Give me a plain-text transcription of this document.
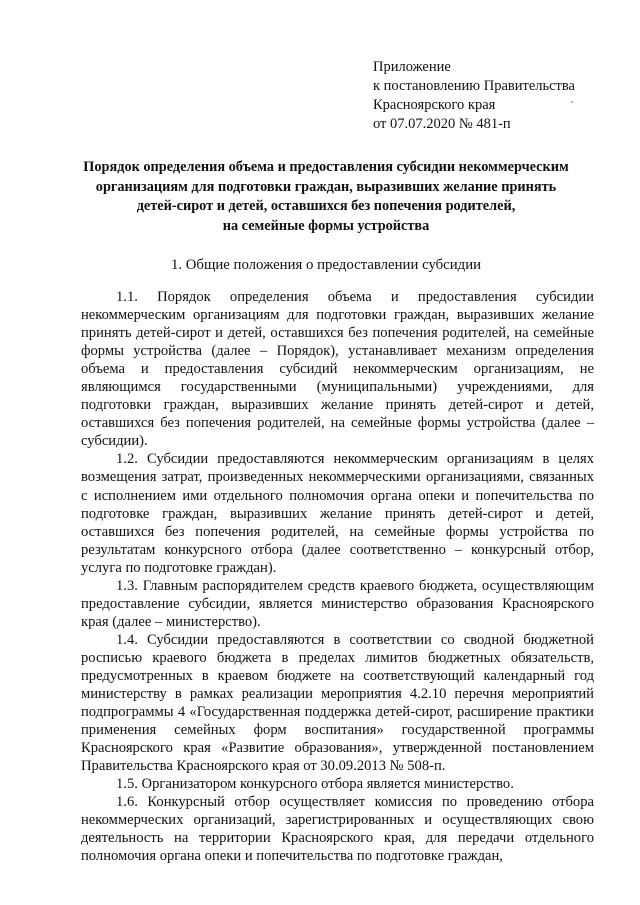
Приложение
к постановлению Правительства
Красноярского края
от 07.07.2020 № 481-п
Порядок определения объема и предоставления субсидии некоммерческим
организациям для подготовки граждан, выразивших желание принять
детей-сирот и детей, оставшихся без попечения родителей,
на семейные формы устройства
1. Общие положения о предоставлении субсидии

1.1. Порядок определения объема и предоставления субсидии некоммерческим организациям для подготовки граждан, выразивших желание принять детей-сирот и детей, оставшихся без попечения родителей, на семейные формы устройства (далее – Порядок), устанавливает механизм определения объема и предоставления субсидий некоммерческим организациям, не являющимся государственными (муниципальными) учреждениями, для подготовки граждан, выразивших желание принять детей-сирот и детей, оставшихся без попечения родителей, на семейные формы устройства (далее – субсидии).

1.2. Субсидии предоставляются некоммерческим организациям в целях возмещения затрат, произведенных некоммерческими организациями, связанных с исполнением ими отдельного полномочия органа опеки и попечительства по подготовке граждан, выразивших желание принять детей-сирот и детей, оставшихся без попечения родителей, на семейные формы устройства по результатам конкурсного отбора (далее соответственно – конкурсный отбор, услуга по подготовке граждан).

1.3. Главным распорядителем средств краевого бюджета, осуществляющим предоставление субсидии, является министерство образования Красноярского края (далее – министерство).

1.4. Субсидии предоставляются в соответствии со сводной бюджетной росписью краевого бюджета в пределах лимитов бюджетных обязательств, предусмотренных в краевом бюджете на соответствующий календарный год министерству в рамках реализации мероприятия 4.2.10 перечня мероприятий подпрограммы 4 «Государственная поддержка детей-сирот, расширение практики применения семейных форм воспитания» государственной программы Красноярского края «Развитие образования», утвержденной постановлением Правительства Красноярского края от 30.09.2013 № 508-п.

1.5. Организатором конкурсного отбора является министерство.

1.6. Конкурсный отбор осуществляет комиссия по проведению отбора некоммерческих организаций, зарегистрированных и осуществляющих свою деятельность на территории Красноярского края, для передачи отдельного полномочия органа опеки и попечительства по подготовке граждан,
